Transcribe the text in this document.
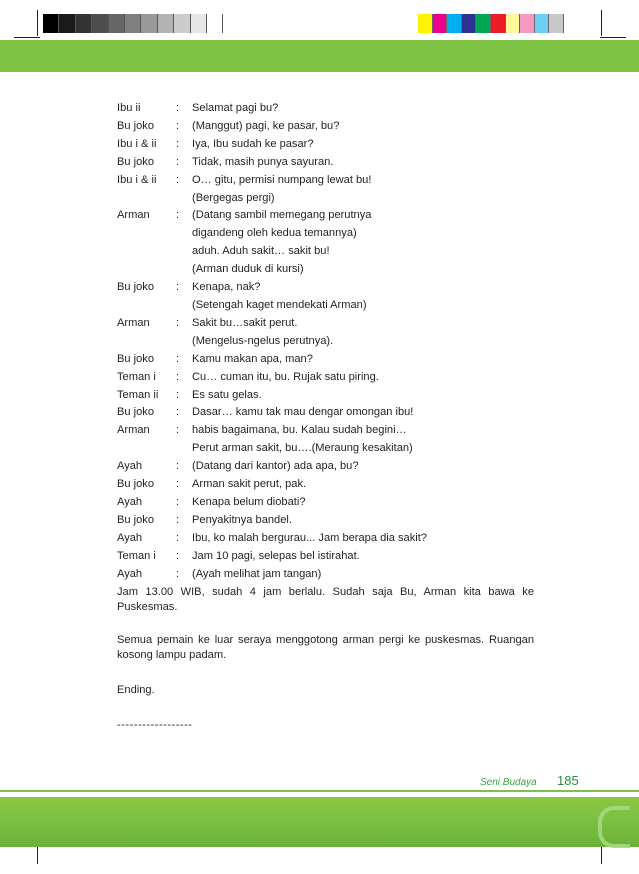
Ibu ii	:	Selamat pagi bu?
Bu joko	:	(Manggut) pagi, ke pasar, bu?
Ibu i & ii	:	Iya, Ibu sudah ke pasar?
Bu joko	:	Tidak, masih punya sayuran.
Ibu i & ii	:	O… gitu, permisi numpang lewat bu!
(Bergegas pergi)
Arman	:	(Datang sambil memegang perutnya
digandeng oleh kedua temannya)
aduh. Aduh sakit… sakit bu!
(Arman duduk di kursi)
Bu joko	:	Kenapa, nak?
(Setengah kaget mendekati Arman)
Arman	:	Sakit bu…sakit perut.
(Mengelus-ngelus perutnya).
Bu joko	:	Kamu makan apa, man?
Teman i	:	Cu… cuman itu, bu. Rujak satu piring.
Teman ii	:	Es satu gelas.
Bu joko	:	Dasar… kamu tak mau dengar omongan ibu!
Arman	:	habis bagaimana, bu. Kalau sudah begini…
Perut arman sakit, bu….(Meraung kesakitan)
Ayah	:	(Datang dari kantor) ada apa, bu?
Bu joko	:	Arman sakit perut, pak.
Ayah	:	Kenapa belum diobati?
Bu joko	:	Penyakitnya bandel.
Ayah	:	Ibu, ko malah bergurau... Jam berapa dia sakit?
Teman i	:	Jam 10 pagi, selepas bel istirahat.
Ayah	:	(Ayah melihat jam tangan)

Jam 13.00 WIB, sudah 4 jam berlalu. Sudah saja Bu, Arman kita bawa ke Puskesmas.

Semua pemain ke luar seraya menggotong arman pergi ke puskesmas. Ruangan kosong lampu padam.

Ending.

------------------

Seni Budaya 185
